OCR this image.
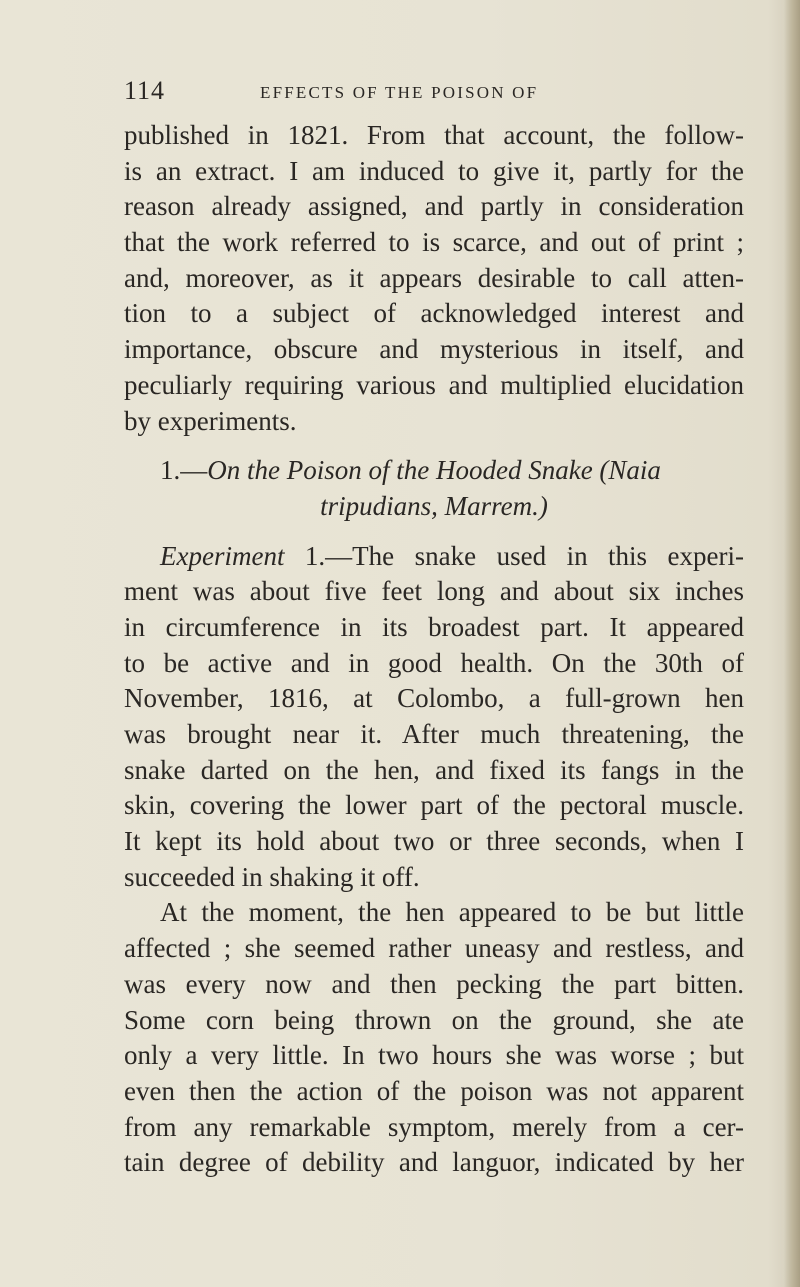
114	EFFECTS OF THE POISON OF
published in 1821. From that account, the follow-
is an extract. I am induced to give it, partly for the
reason already assigned, and partly in consideration
that the work referred to is scarce, and out of print ;
and, moreover, as it appears desirable to call atten-
tion to a subject of acknowledged interest and
importance, obscure and mysterious in itself, and
peculiarly requiring various and multiplied elucidation
by experiments.
1.—On the Poison of the Hooded Snake (Naia
tripudians, Marrem.)
Experiment 1.—The snake used in this experi-
ment was about five feet long and about six inches
in circumference in its broadest part. It appeared
to be active and in good health. On the 30th of
November, 1816, at Colombo, a full-grown hen
was brought near it. After much threatening, the
snake darted on the hen, and fixed its fangs in the
skin, covering the lower part of the pectoral muscle.
It kept its hold about two or three seconds, when I
succeeded in shaking it off.
At the moment, the hen appeared to be but little
affected ; she seemed rather uneasy and restless, and
was every now and then pecking the part bitten.
Some corn being thrown on the ground, she ate
only a very little. In two hours she was worse ; but
even then the action of the poison was not apparent
from any remarkable symptom, merely from a cer-
tain degree of debility and languor, indicated by her
